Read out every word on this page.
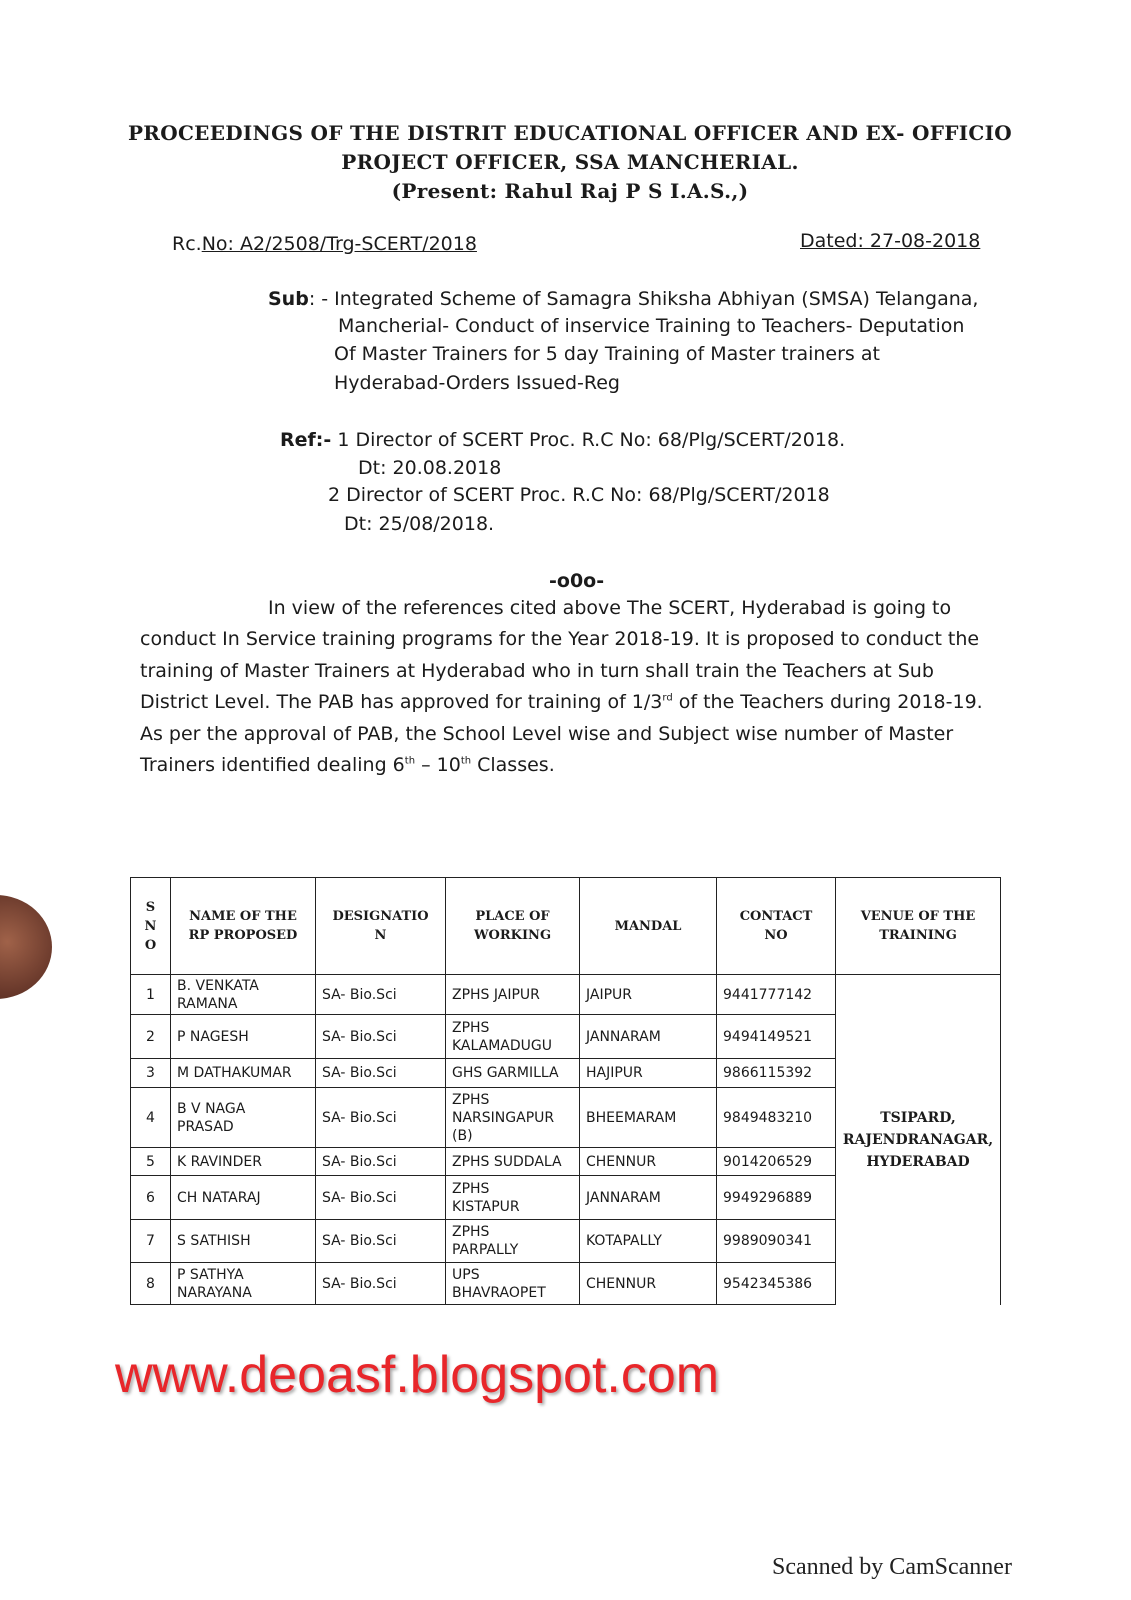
PROCEEDINGS OF THE DISTRIT EDUCATIONAL OFFICER AND EX- OFFICIO
PROJECT OFFICER, SSA MANCHERIAL.
(Present: Rahul Raj P S I.A.S.,)
Rc.No: A2/2508/Trg-SCERT/2018	Dated: 27-08-2018
Sub: - Integrated Scheme of Samagra Shiksha Abhiyan (SMSA) Telangana,
Mancherial- Conduct of inservice Training to Teachers- Deputation
Of Master Trainers for 5 day Training of Master trainers at
Hyderabad-Orders Issued-Reg
Ref:- 1 Director of SCERT Proc. R.C No: 68/Plg/SCERT/2018.
Dt: 20.08.2018
2 Director of SCERT Proc. R.C No: 68/Plg/SCERT/2018
Dt: 25/08/2018.
-o0o-
In view of the references cited above The SCERT, Hyderabad is going to conduct In Service training programs for the Year 2018-19. It is proposed to conduct the training of Master Trainers at Hyderabad who in turn shall train the Teachers at Sub District Level. The PAB has approved for training of 1/3rd of the Teachers during 2018-19. As per the approval of PAB, the School Level wise and Subject wise number of Master Trainers identified dealing 6th – 10th Classes.
S
N
O	NAME OF THE
RP PROPOSED	DESIGNATIO
N	PLACE OF
WORKING	MANDAL	CONTACT
NO	VENUE OF THE
TRAINING
1	B. VENKATA
RAMANA	SA- Bio.Sci	ZPHS JAIPUR	JAIPUR	9441777142	TSIPARD,
RAJENDRANAGAR,
HYDERABAD
2	P NAGESH	SA- Bio.Sci	ZPHS
KALAMADUGU	JANNARAM	9494149521	
3	M DATHAKUMAR	SA- Bio.Sci	GHS GARMILLA	HAJIPUR	9866115392	
4	B V NAGA
PRASAD	SA- Bio.Sci	ZPHS
NARSINGAPUR
(B)	BHEEMARAM	9849483210	
5	K RAVINDER	SA- Bio.Sci	ZPHS SUDDALA	CHENNUR	9014206529	
6	CH NATARAJ	SA- Bio.Sci	ZPHS
KISTAPUR	JANNARAM	9949296889	
7	S SATHISH	SA- Bio.Sci	ZPHS
PARPALLY	KOTAPALLY	9989090341	
8	P SATHYA
NARAYANA	SA- Bio.Sci	UPS
BHAVRAOPET	CHENNUR	9542345386	
www.deoasf.blogspot.com
Scanned by CamScanner
